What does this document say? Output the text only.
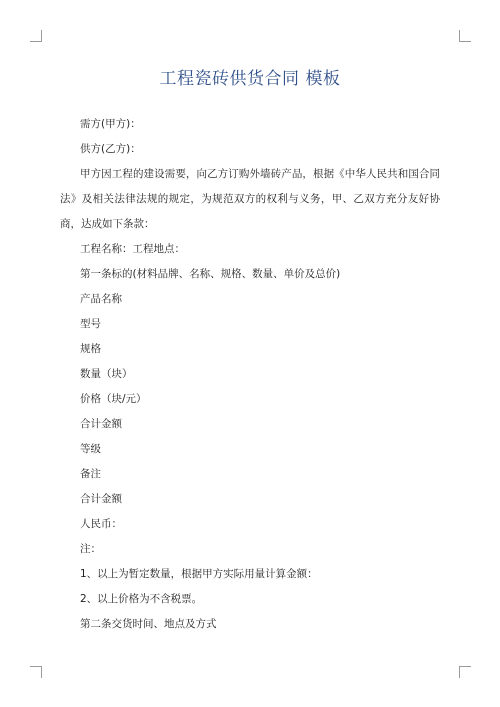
工程瓷砖供货合同 模板

需方(甲方)：

供方(乙方)：

甲方因工程的建设需要，向乙方订购外墙砖产品，根据《中华人民共和国合同法》及相关法律法规的规定，为规范双方的权利与义务，甲、乙双方充分友好协商，达成如下条款：

工程名称：工程地点：

第一条标的(材料品牌、名称、规格、数量、单价及总价)

产品名称

型号

规格

数量（块）

价格（块/元）

合计金额

等级

备注

合计金额

人民币：

注：

1、以上为暂定数量，根据甲方实际用量计算金额：

2、以上价格为不含税票。

第二条交货时间、地点及方式
